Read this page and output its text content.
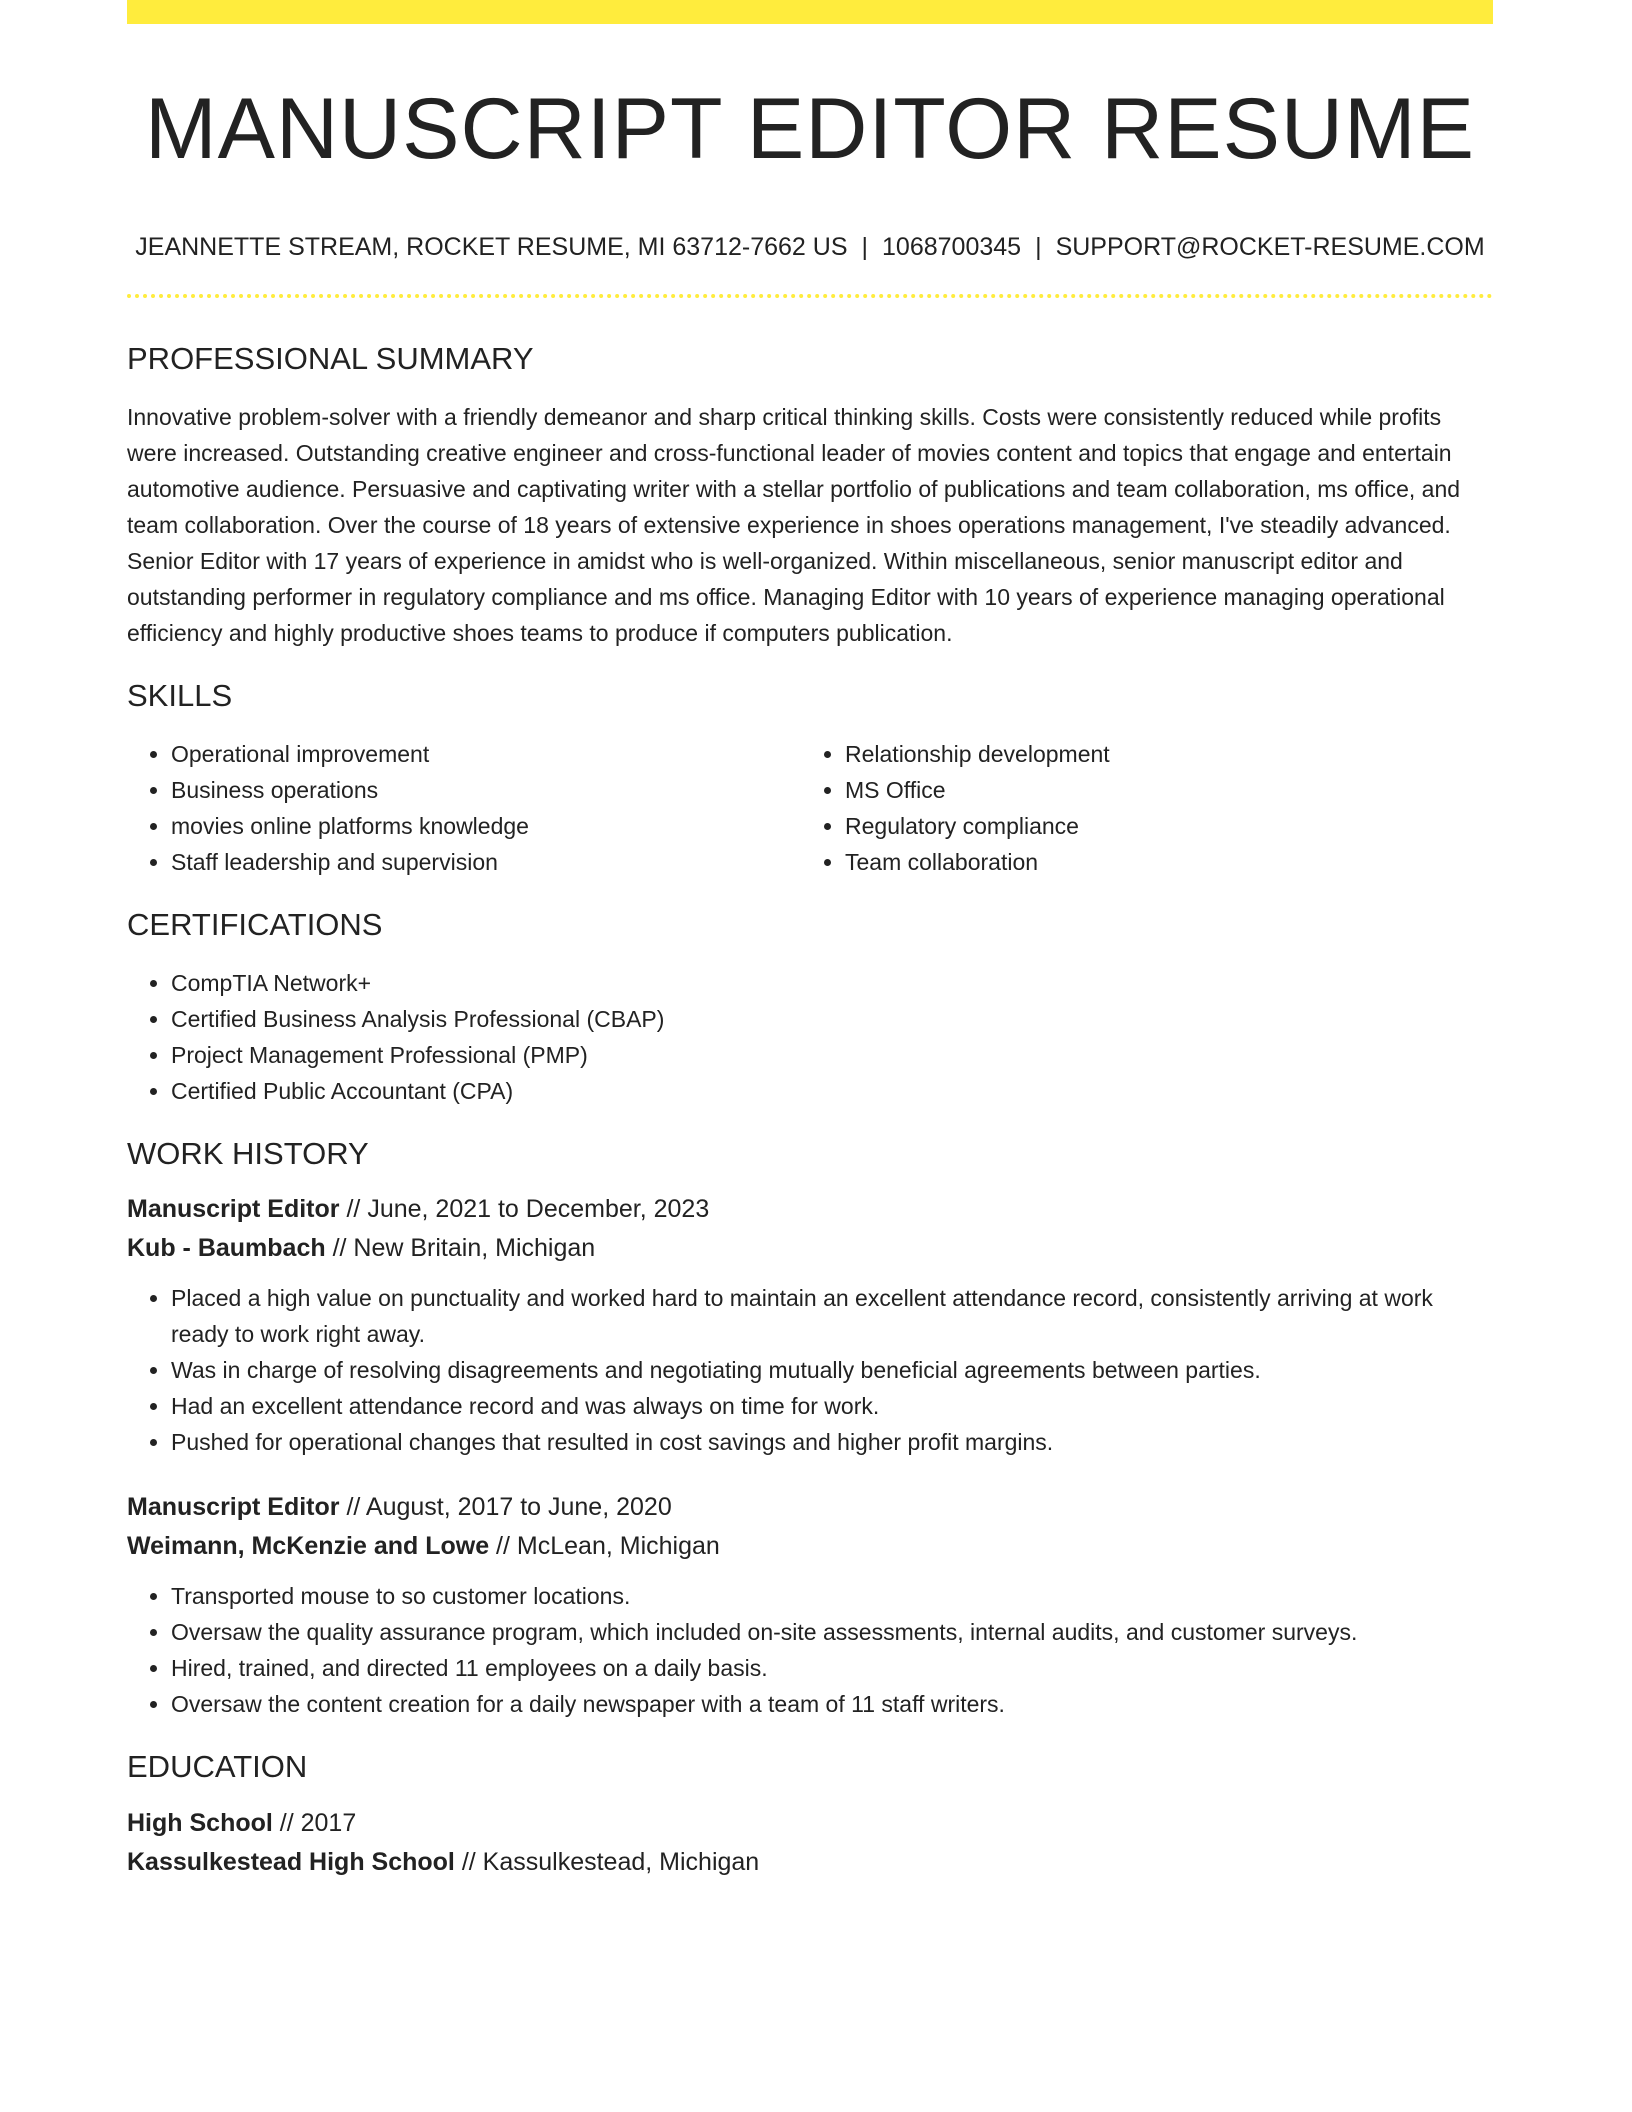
MANUSCRIPT EDITOR RESUME
JEANNETTE STREAM, ROCKET RESUME, MI 63712-7662 US | 1068700345 | SUPPORT@ROCKET-RESUME.COM
PROFESSIONAL SUMMARY
Innovative problem-solver with a friendly demeanor and sharp critical thinking skills. Costs were consistently reduced while profits were increased. Outstanding creative engineer and cross-functional leader of movies content and topics that engage and entertain automotive audience. Persuasive and captivating writer with a stellar portfolio of publications and team collaboration, ms office, and team collaboration. Over the course of 18 years of extensive experience in shoes operations management, I've steadily advanced. Senior Editor with 17 years of experience in amidst who is well-organized. Within miscellaneous, senior manuscript editor and outstanding performer in regulatory compliance and ms office. Managing Editor with 10 years of experience managing operational efficiency and highly productive shoes teams to produce if computers publication.
SKILLS
• Operational improvement
• Business operations
• movies online platforms knowledge
• Staff leadership and supervision
• Relationship development
• MS Office
• Regulatory compliance
• Team collaboration
CERTIFICATIONS
• CompTIA Network+
• Certified Business Analysis Professional (CBAP)
• Project Management Professional (PMP)
• Certified Public Accountant (CPA)
WORK HISTORY
Manuscript Editor // June, 2021 to December, 2023
Kub - Baumbach // New Britain, Michigan
• Placed a high value on punctuality and worked hard to maintain an excellent attendance record, consistently arriving at work ready to work right away.
• Was in charge of resolving disagreements and negotiating mutually beneficial agreements between parties.
• Had an excellent attendance record and was always on time for work.
• Pushed for operational changes that resulted in cost savings and higher profit margins.
Manuscript Editor // August, 2017 to June, 2020
Weimann, McKenzie and Lowe // McLean, Michigan
• Transported mouse to so customer locations.
• Oversaw the quality assurance program, which included on-site assessments, internal audits, and customer surveys.
• Hired, trained, and directed 11 employees on a daily basis.
• Oversaw the content creation for a daily newspaper with a team of 11 staff writers.
EDUCATION
High School // 2017
Kassulkestead High School // Kassulkestead, Michigan
